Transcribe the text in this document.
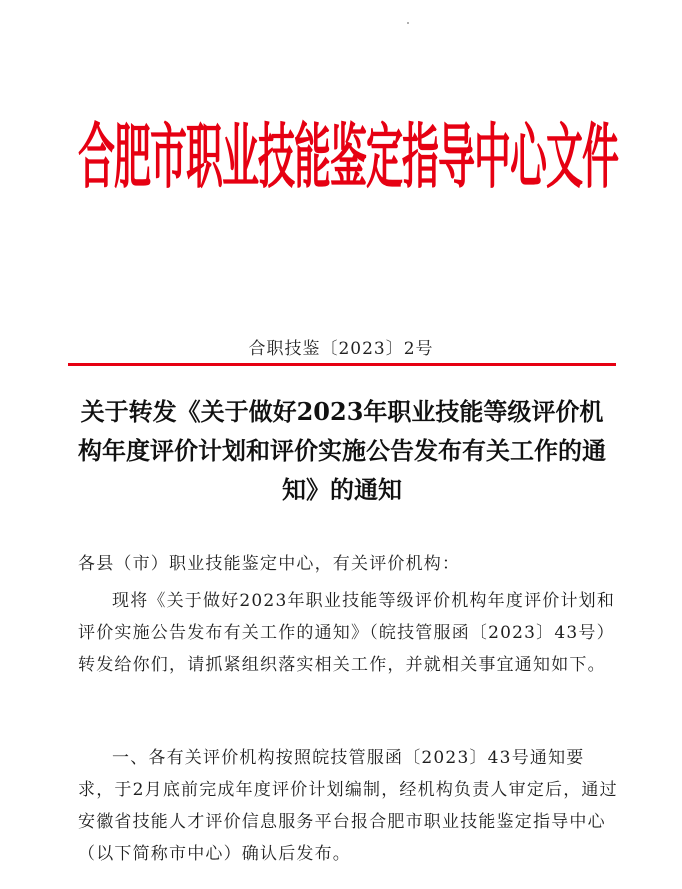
合肥市职业技能鉴定指导中心文件
合职技鉴〔2023〕2号
关于转发《关于做好2023年职业技能等级评价机构年度评价计划和评价实施公告发布有关工作的通知》的通知
各县（市）职业技能鉴定中心，有关评价机构：
现将《关于做好2023年职业技能等级评价机构年度评价计划和评价实施公告发布有关工作的通知》（皖技管服函〔2023〕43号）转发给你们，请抓紧组织落实相关工作，并就相关事宜通知如下。
一、各有关评价机构按照皖技管服函〔2023〕43号通知要求，于2月底前完成年度评价计划编制，经机构负责人审定后，通过安徽省技能人才评价信息服务平台报合肥市职业技能鉴定指导中心（以下简称市中心）确认后发布。
